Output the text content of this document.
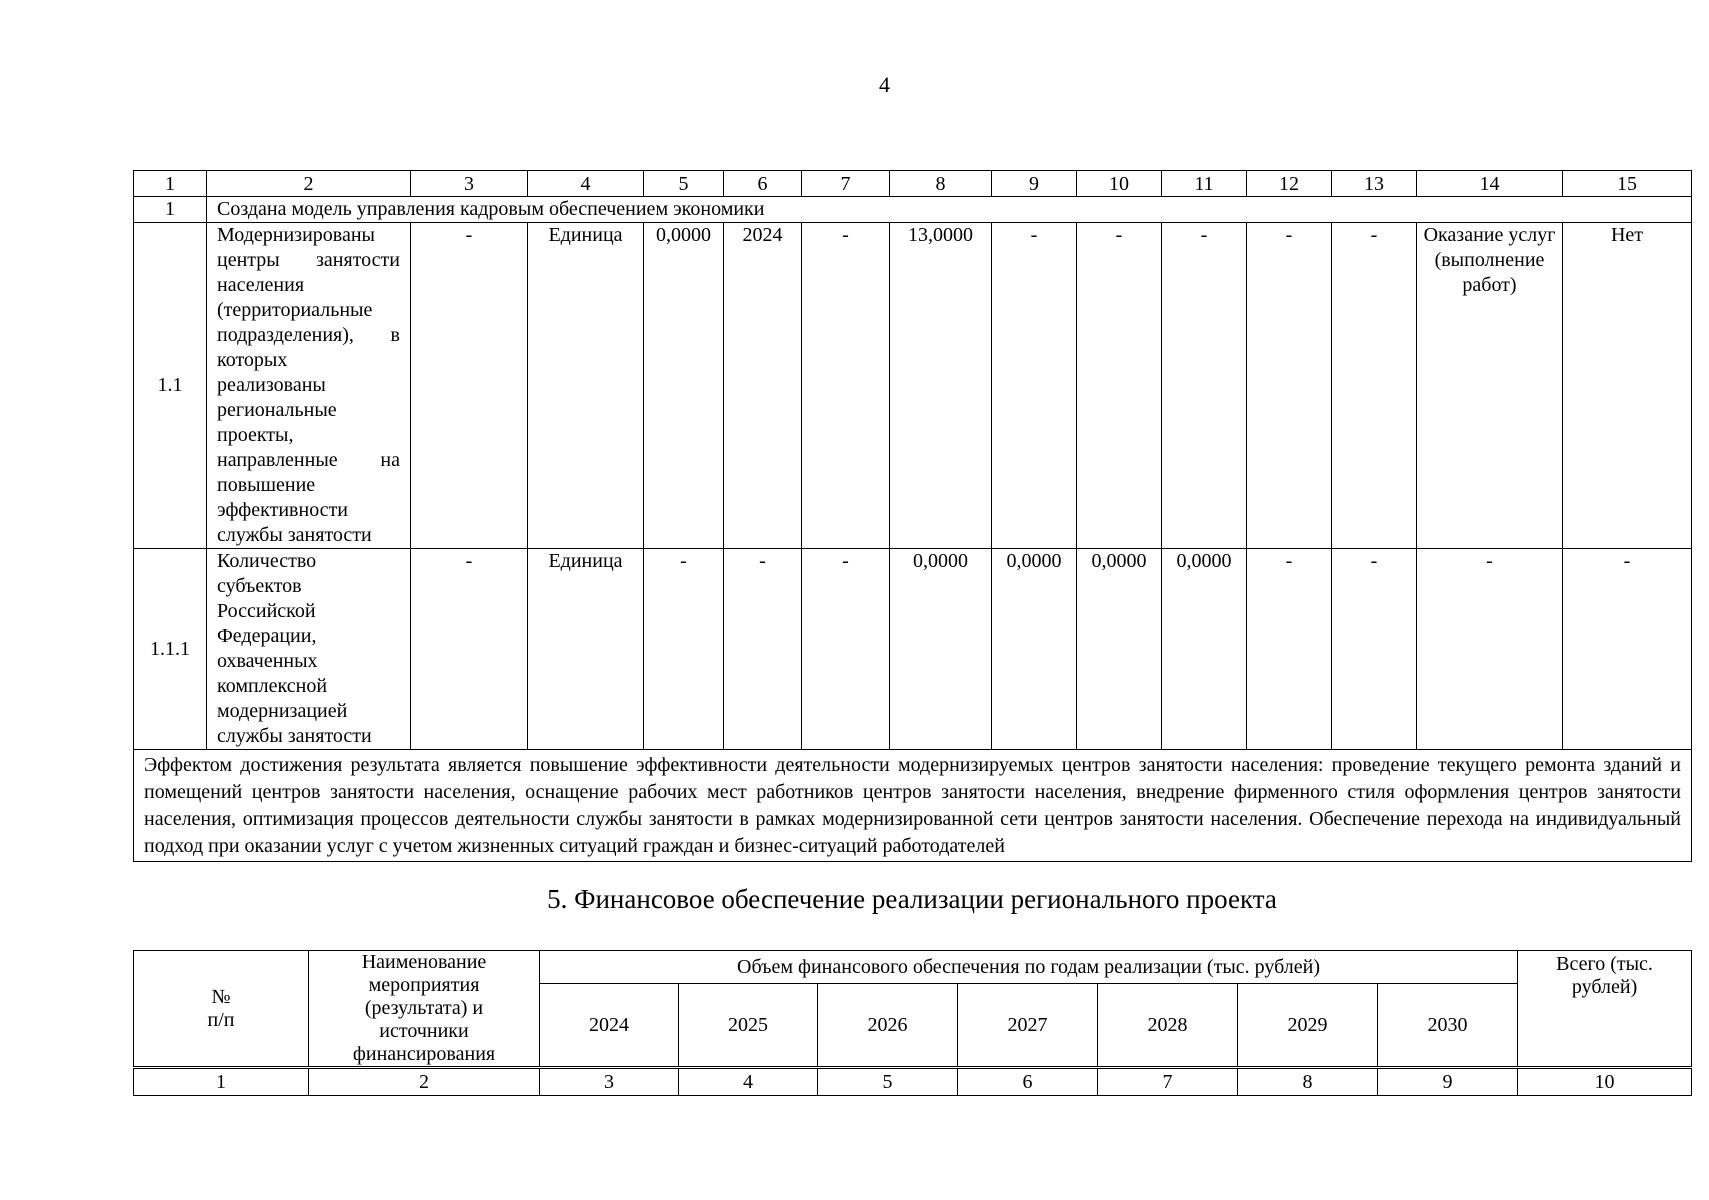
4
1	2	3	4	5	6	7	8	9	10	11	12	13	14	15
1	Создана модель управления кадровым обеспечением экономики													
1.1	Модернизированы центры занятости населения (территориальные подразделения), в которых реализованы региональные проекты, направленные на повышение эффективности службы занятости	-	Единица	0,0000	2024	-	13,0000	-	-	-	-	-	Оказание услуг (выполнение работ)	Нет
1.1.1	Количество субъектов Российской Федерации, охваченных комплексной модернизацией службы занятости	-	Единица	-	-	-	0,0000	0,0000	0,0000	0,0000	-	-	-	-
Эффектом достижения результата является повышение эффективности деятельности модернизируемых центров занятости населения: проведение текущего ремонта зданий и помещений центров занятости населения, оснащение рабочих мест работников центров занятости населения, внедрение фирменного стиля оформления центров занятости населения, оптимизация процессов деятельности службы занятости в рамках модернизированной сети центров занятости населения. Обеспечение перехода на индивидуальный подход при оказании услуг с учетом жизненных ситуаций граждан и бизнес-ситуаций работодателей														
5. Финансовое обеспечение реализации регионального проекта
№ п/п	Наименование мероприятия (результата) и источники финансирования	Объем финансового обеспечения по годам реализации (тыс. рублей)							Всего (тыс. рублей)
		2024	2025	2026	2027	2028	2029	2030	
1	2	3	4	5	6	7	8	9	10
